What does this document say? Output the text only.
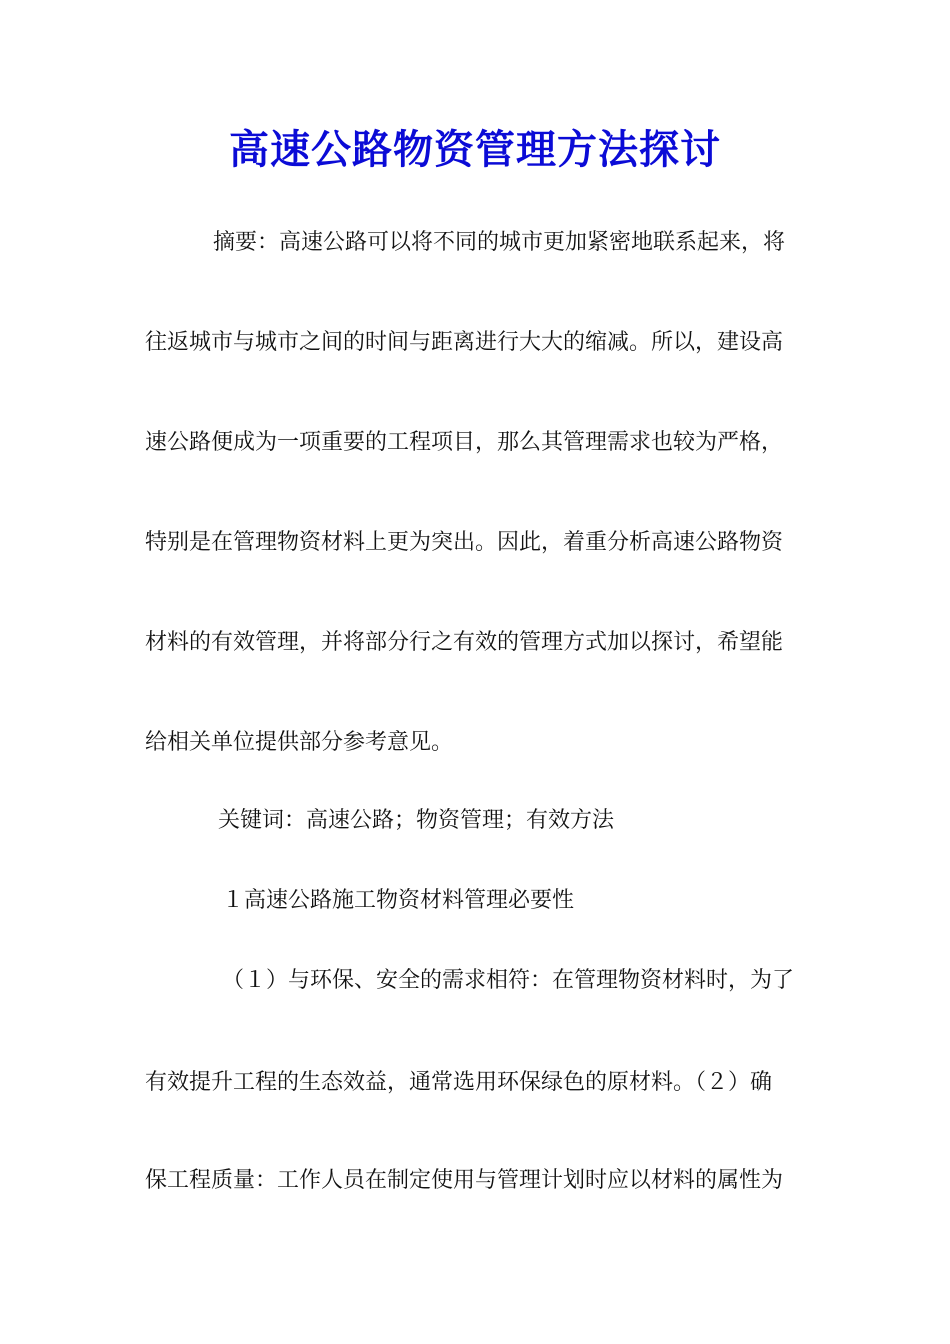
高速公路物资管理方法探讨
摘要：高速公路可以将不同的城市更加紧密地联系起来，将
往返城市与城市之间的时间与距离进行大大的缩减。所以，建设高
速公路便成为一项重要的工程项目，那么其管理需求也较为严格，
特别是在管理物资材料上更为突出。因此，着重分析高速公路物资
材料的有效管理，并将部分行之有效的管理方式加以探讨，希望能
给相关单位提供部分参考意见。
关键词：高速公路；物资管理；有效方法
１高速公路施工物资材料管理必要性
（１）与环保、安全的需求相符：在管理物资材料时，为了
有效提升工程的生态效益，通常选用环保绿色的原材料。（２）确
保工程质量：工作人员在制定使用与管理计划时应以材料的属性为
